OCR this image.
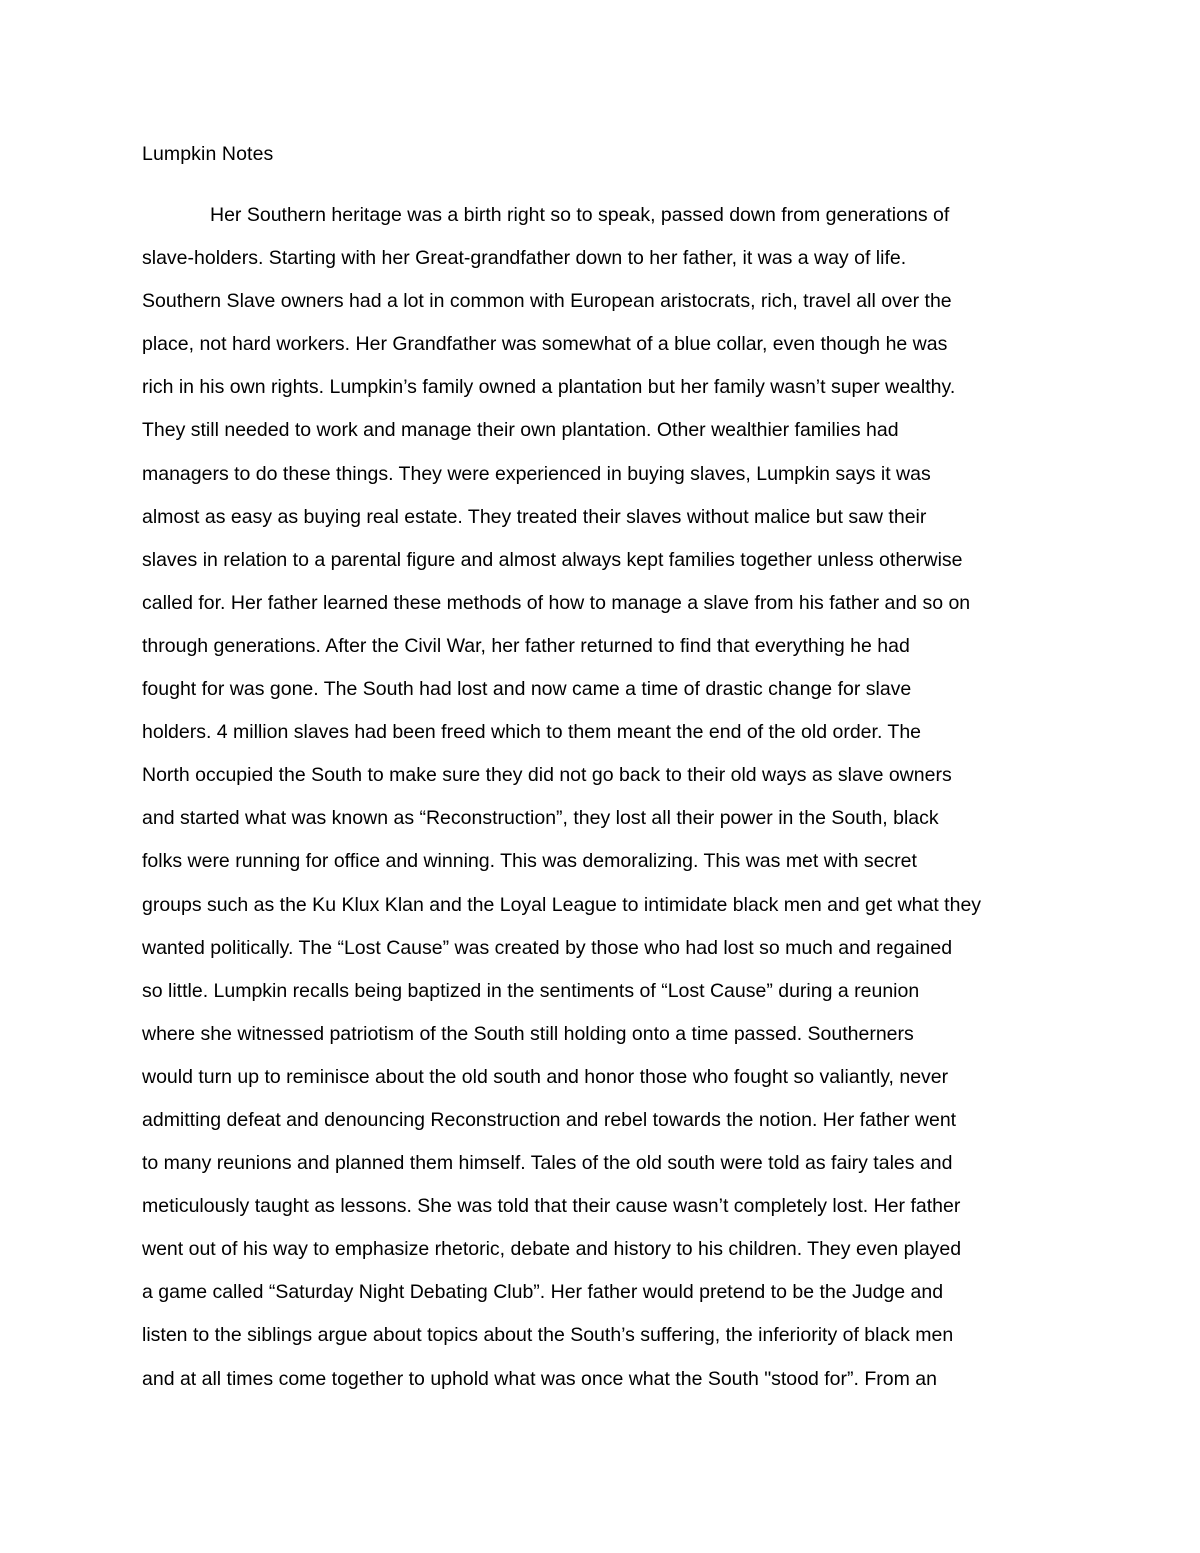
Lumpkin Notes
Her Southern heritage was a birth right so to speak, passed down from generations of
slave-holders. Starting with her Great-grandfather down to her father, it was a way of life.
Southern Slave owners had a lot in common with European aristocrats, rich, travel all over the
place, not hard workers. Her Grandfather was somewhat of a blue collar, even though he was
rich in his own rights. Lumpkin’s family owned a plantation but her family wasn’t super wealthy.
They still needed to work and manage their own plantation. Other wealthier families had
managers to do these things. They were experienced in buying slaves, Lumpkin says it was
almost as easy as buying real estate. They treated their slaves without malice but saw their
slaves in relation to a parental figure and almost always kept families together unless otherwise
called for. Her father learned these methods of how to manage a slave from his father and so on
through generations. After the Civil War, her father returned to find that everything he had
fought for was gone. The South had lost and now came a time of drastic change for slave
holders. 4 million slaves had been freed which to them meant the end of the old order. The
North occupied the South to make sure they did not go back to their old ways as slave owners
and started what was known as “Reconstruction”, they lost all their power in the South, black
folks were running for office and winning. This was demoralizing. This was met with secret
groups such as the Ku Klux Klan and the Loyal League to intimidate black men and get what they
wanted politically. The “Lost Cause” was created by those who had lost so much and regained
so little. Lumpkin recalls being baptized in the sentiments of “Lost Cause” during a reunion
where she witnessed patriotism of the South still holding onto a time passed. Southerners
would turn up to reminisce about the old south and honor those who fought so valiantly, never
admitting defeat and denouncing Reconstruction and rebel towards the notion. Her father went
to many reunions and planned them himself. Tales of the old south were told as fairy tales and
meticulously taught as lessons. She was told that their cause wasn’t completely lost. Her father
went out of his way to emphasize rhetoric, debate and history to his children. They even played
a game called “Saturday Night Debating Club”. Her father would pretend to be the Judge and
listen to the siblings argue about topics about the South’s suffering, the inferiority of black men
and at all times come together to uphold what was once what the South "stood for”. From an
